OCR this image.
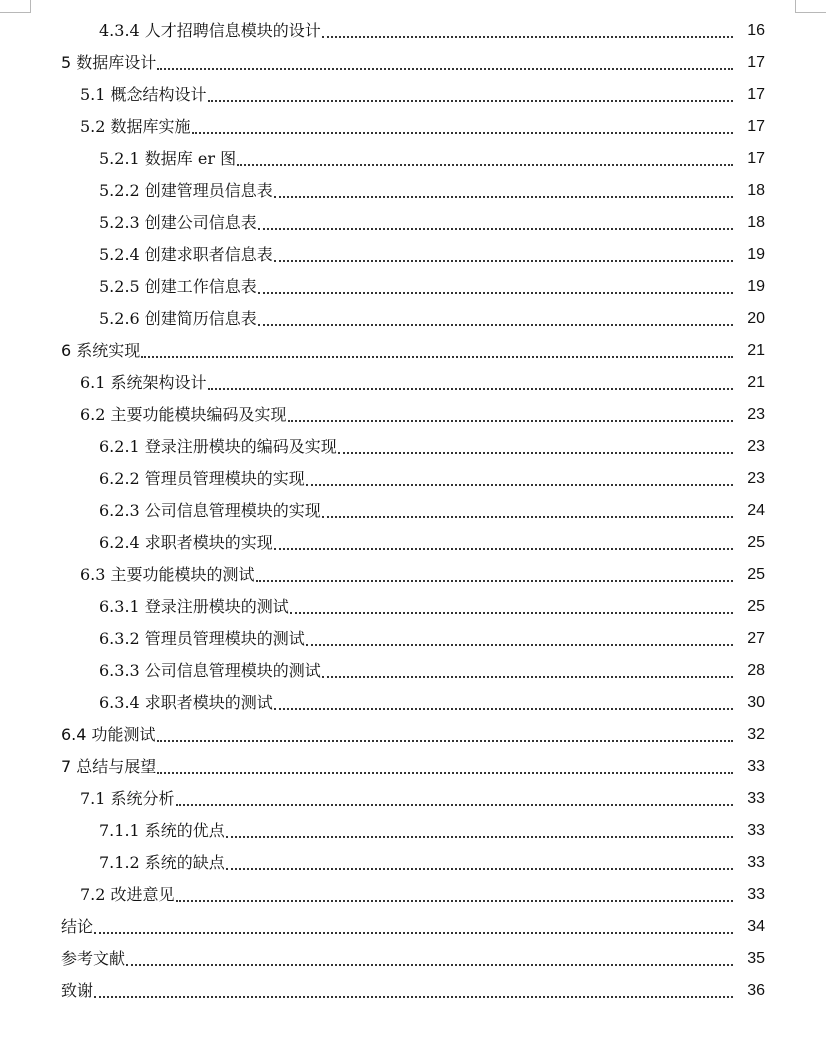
4.3.4 人才招聘信息模块的设计	16
5 数据库设计	17
5.1 概念结构设计	17
5.2 数据库实施	17
5.2.1 数据库 er 图	17
5.2.2 创建管理员信息表	18
5.2.3 创建公司信息表	18
5.2.4 创建求职者信息表	19
5.2.5 创建工作信息表	19
5.2.6 创建简历信息表	20
6 系统实现	21
6.1 系统架构设计	21
6.2 主要功能模块编码及实现	23
6.2.1 登录注册模块的编码及实现	23
6.2.2 管理员管理模块的实现	23
6.2.3 公司信息管理模块的实现	24
6.2.4 求职者模块的实现	25
6.3 主要功能模块的测试	25
6.3.1 登录注册模块的测试	25
6.3.2 管理员管理模块的测试	27
6.3.3 公司信息管理模块的测试	28
6.3.4 求职者模块的测试	30
6.4 功能测试	32
7 总结与展望	33
7.1 系统分析	33
7.1.1 系统的优点	33
7.1.2 系统的缺点	33
7.2 改进意见	33
结论	34
参考文献	35
致谢	36
